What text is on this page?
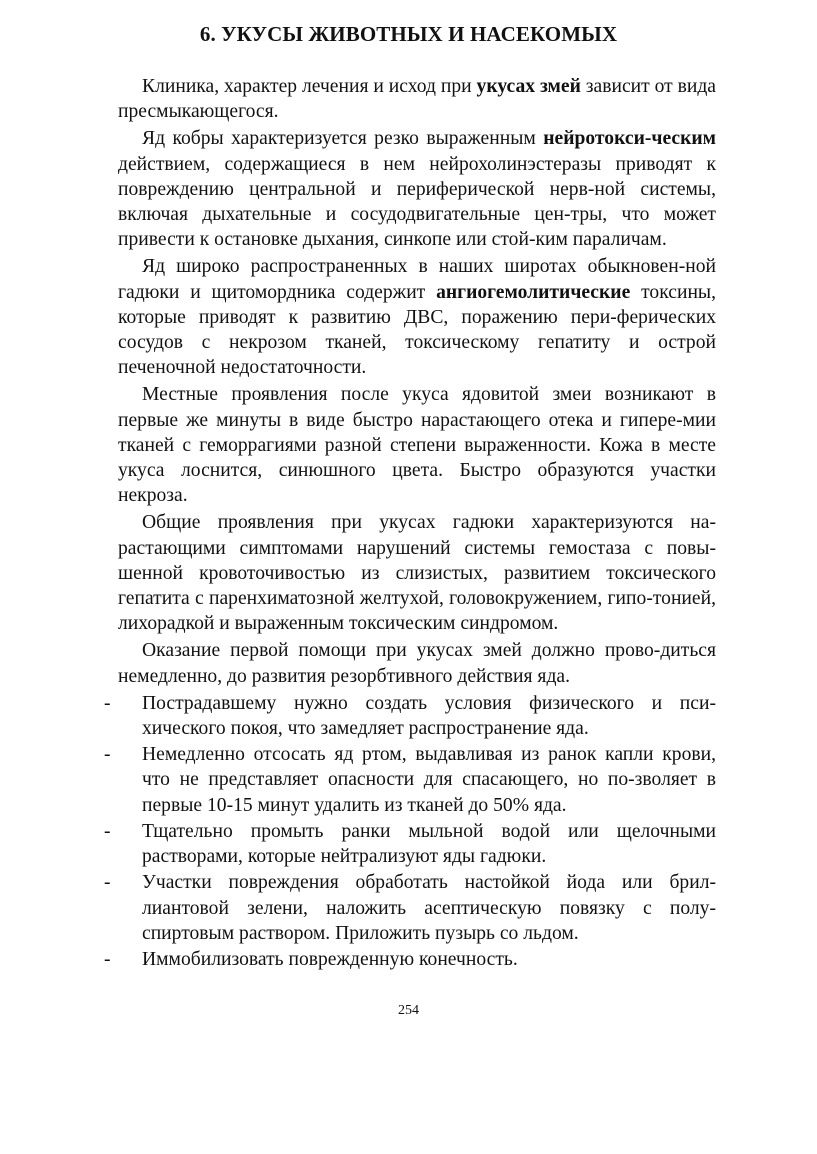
6. УКУСЫ ЖИВОТНЫХ И НАСЕКОМЫХ

Клиника, характер лечения и исход при укусах змей зависит от вида пресмыкающегося.

Яд кобры характеризуется резко выраженным нейротокси-ческим действием, содержащиеся в нем нейрохолинэстеразы приводят к повреждению центральной и периферической нерв-ной системы, включая дыхательные и сосудодвигательные цен-тры, что может привести к остановке дыхания, синкопе или стой-ким параличам.

Яд широко распространенных в наших широтах обыкновен-ной гадюки и щитомордника содержит ангиогемолитические токсины, которые приводят к развитию ДВС, поражению пери-ферических сосудов с некрозом тканей, токсическому гепатиту и острой печеночной недостаточности.

Местные проявления после укуса ядовитой змеи возникают в первые же минуты в виде быстро нарастающего отека и гипере-мии тканей с геморрагиями разной степени выраженности. Кожа в месте укуса лоснится, синюшного цвета. Быстро образуются участки некроза.

Общие проявления при укусах гадюки характеризуются на-растающими симптомами нарушений системы гемостаза с повы-шенной кровоточивостью из слизистых, развитием токсического гепатита с паренхиматозной желтухой, головокружением, гипо-тонией, лихорадкой и выраженным токсическим синдромом.

Оказание первой помощи при укусах змей должно прово-диться немедленно, до развития резорбтивного действия яда.

- Пострадавшему нужно создать условия физического и пси-хического покоя, что замедляет распространение яда.
- Немедленно отсосать яд ртом, выдавливая из ранок капли крови, что не представляет опасности для спасающего, но по-зволяет в первые 10-15 минут удалить из тканей до 50% яда.
- Тщательно промыть ранки мыльной водой или щелочными растворами, которые нейтрализуют яды гадюки.
- Участки повреждения обработать настойкой йода или брил-лиантовой зелени, наложить асептическую повязку с полу-спиртовым раствором. Приложить пузырь со льдом.
- Иммобилизовать поврежденную конечность.
254
